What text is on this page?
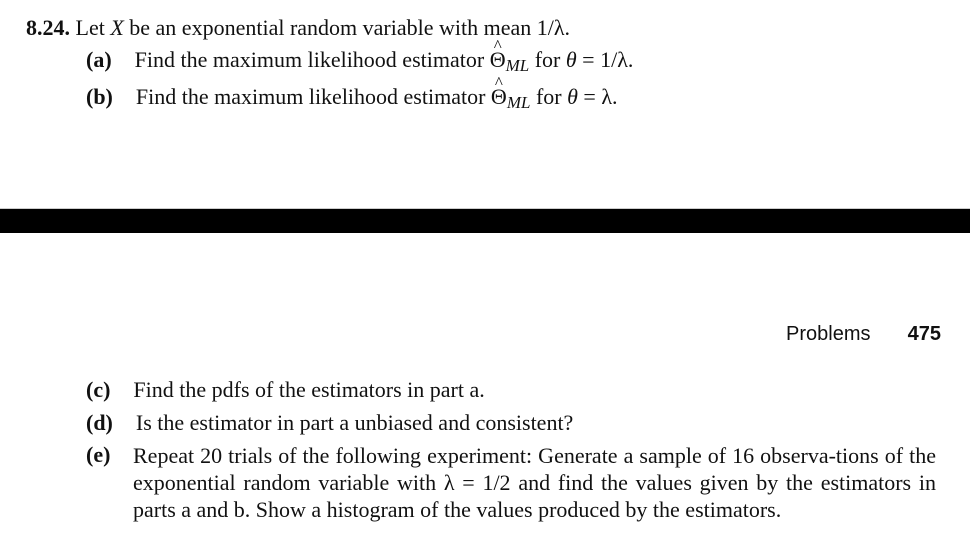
8.24. Let X be an exponential random variable with mean 1/λ.
(a) Find the maximum likelihood estimator ^ ΘML for θ = 1/λ.
(b) Find the maximum likelihood estimator ^ ΘML for θ = λ.
Problems 475
(c) Find the pdfs of the estimators in part a.
(d) Is the estimator in part a unbiased and consistent?
(e) Repeat 20 trials of the following experiment: Generate a sample of 16 observa-tions of the exponential random variable with λ = 1/2 and find the values given by the estimators in parts a and b. Show a histogram of the values produced by the estimators.
